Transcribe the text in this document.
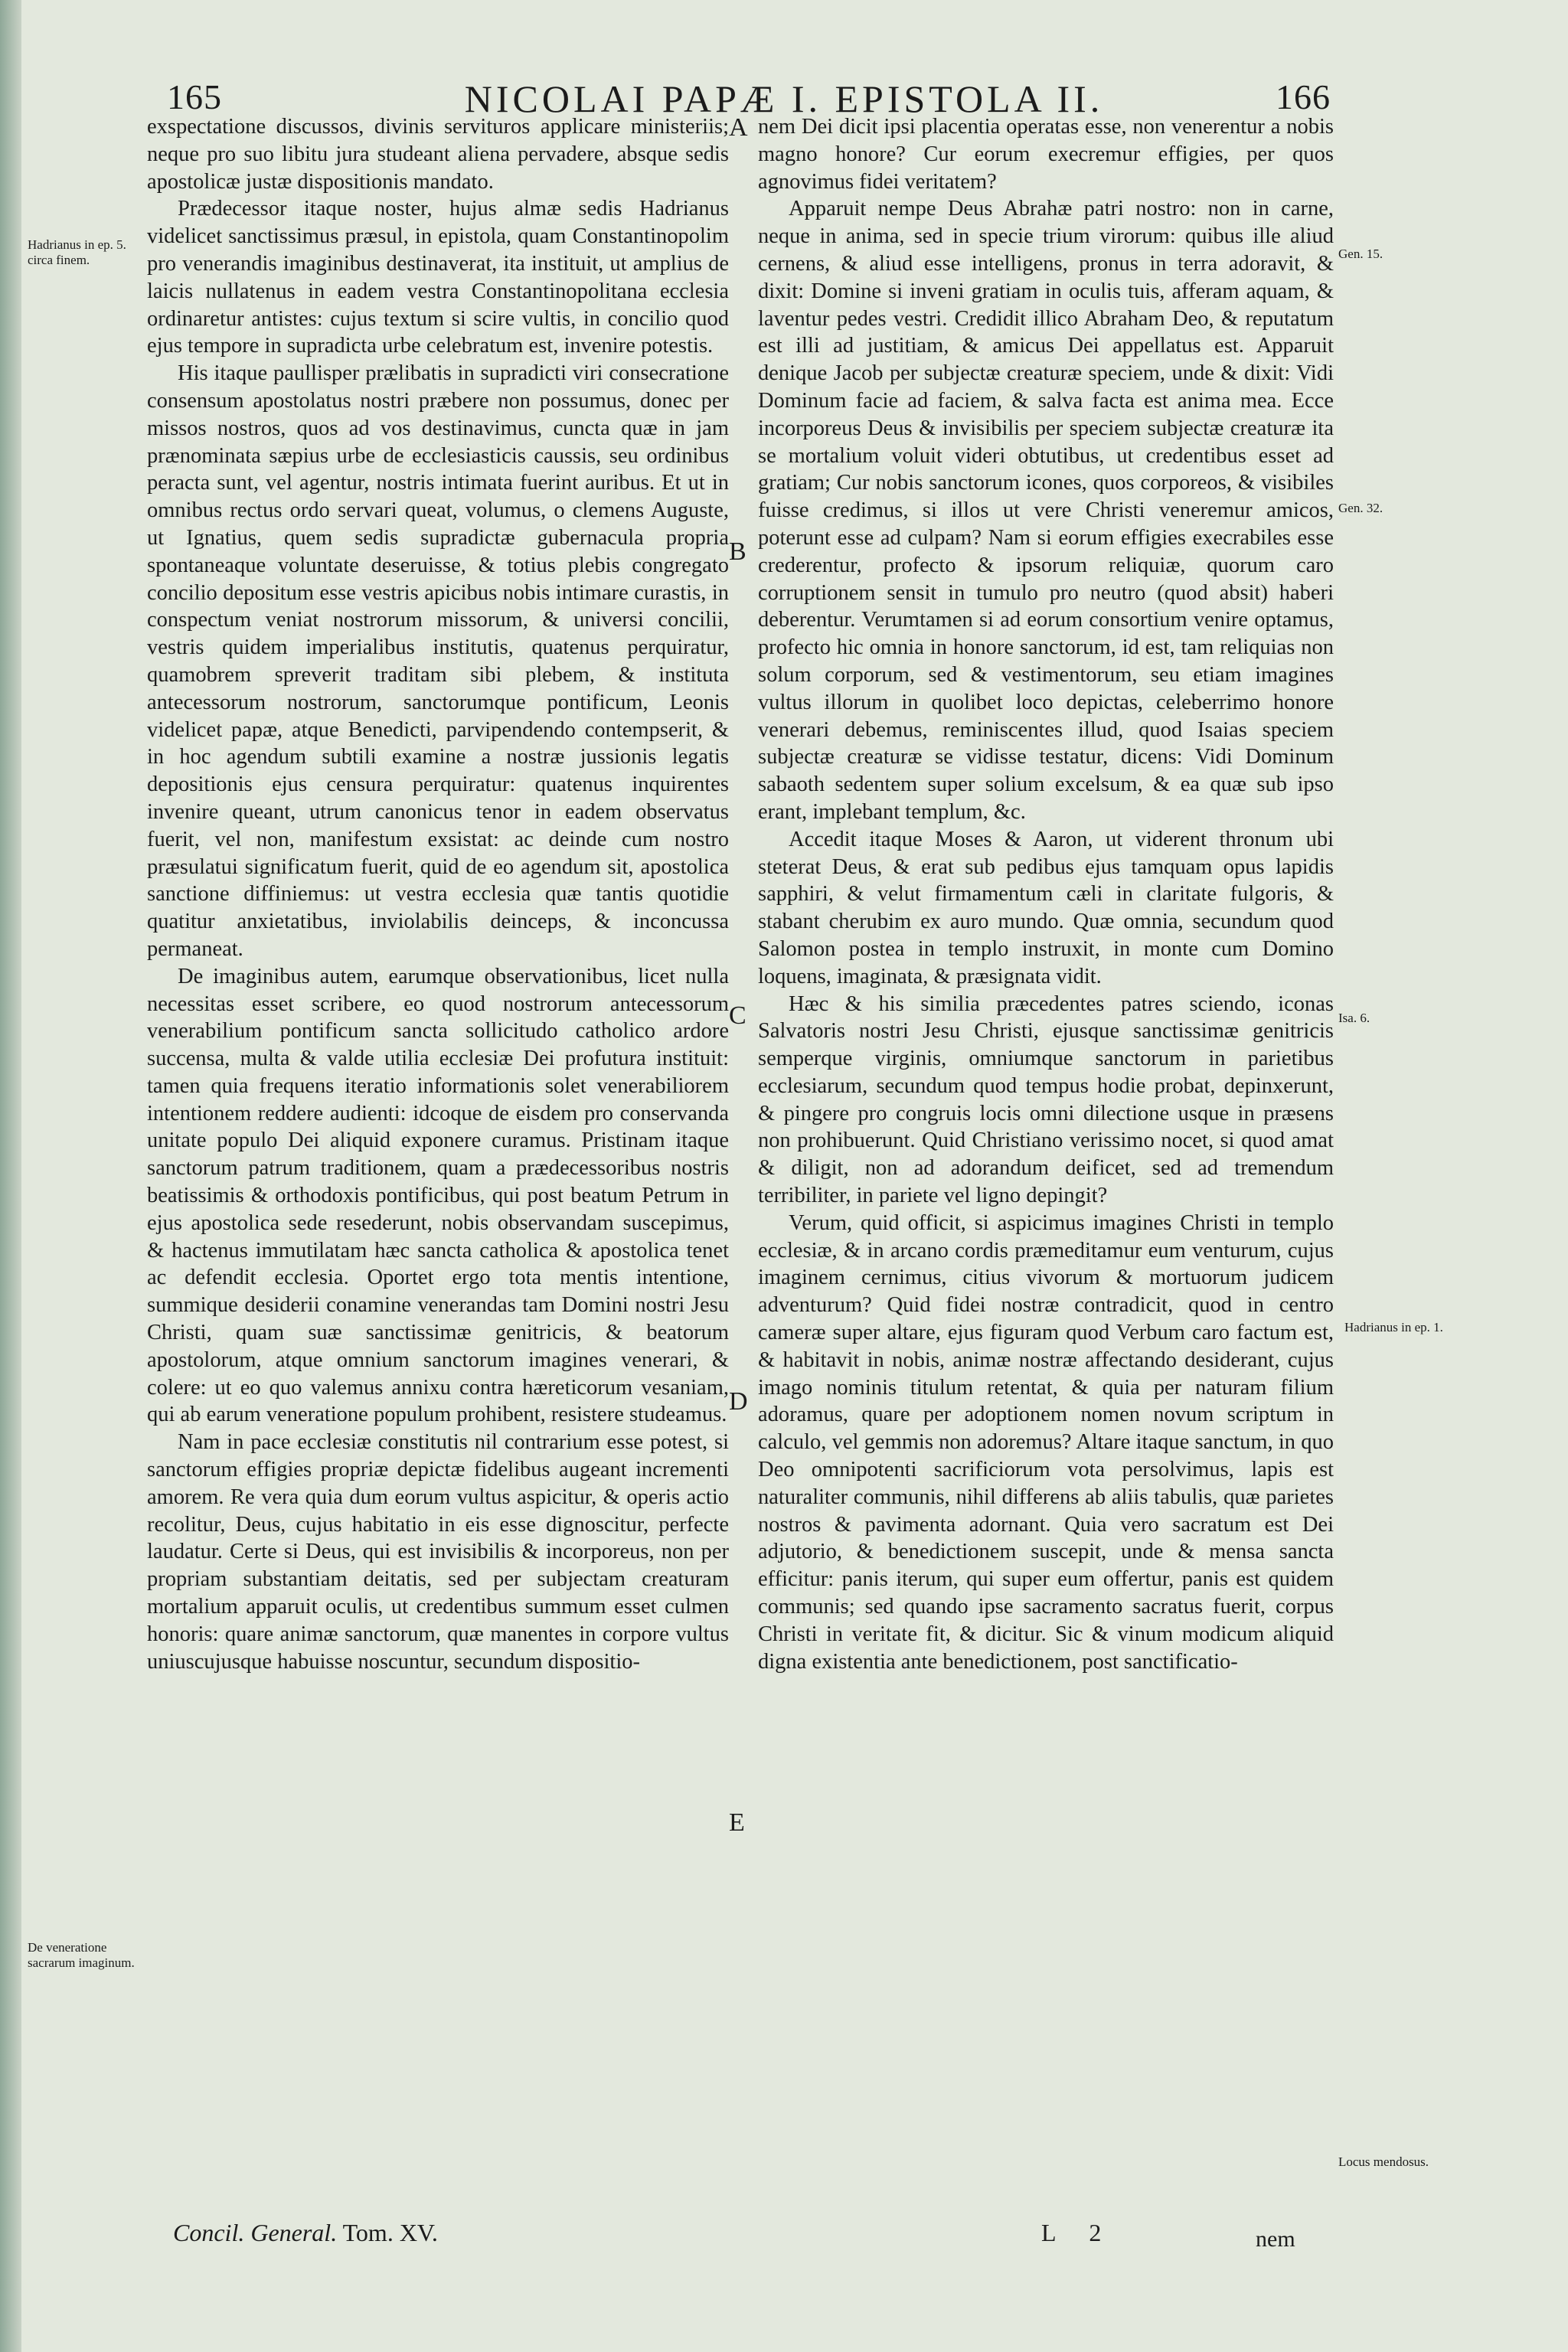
165	NICOLAI PAPÆ I. EPISTOLA II.	166

exspectatione discussos, divinis servituros applicare ministeriis; neque pro suo libitu jura studeant aliena pervadere, absque sedis apostolicæ justæ dispositionis mandato.

Prædecessor itaque noster, hujus almæ sedis Hadrianus videlicet sanctissimus præsul, in epistola, quam Constantinopolim pro venerandis imaginibus destinaverat, ita instituit, ut amplius de laicis nullatenus in eadem vestra Constantinopolitana ecclesia ordinaretur antistes: cujus textum si scire vultis, in concilio quod ejus tempore in supradicta urbe celebratum est, invenire potestis.

His itaque paullisper prælibatis in supradicti viri consecratione consensum apostolatus nostri præbere non possumus, donec per missos nostros, quos ad vos destinavimus, cuncta quæ in jam prænominata sæpius urbe de ecclesiasticis caussis, seu ordinibus peracta sunt, vel agentur, nostris intimata fuerint auribus. Et ut in omnibus rectus ordo servari queat, volumus, o clemens Auguste, ut Ignatius, quem sedis supradictæ gubernacula propria spontaneaque voluntate deseruisse, & totius plebis congregato concilio depositum esse vestris apicibus nobis intimare curastis, in conspectum veniat nostrorum missorum, & universi concilii, vestris quidem imperialibus institutis, quatenus perquiratur, quamobrem spreverit traditam sibi plebem, & instituta antecessorum nostrorum, sanctorumque pontificum, Leonis videlicet papæ, atque Benedicti, parvipendendo contempserit, & in hoc agendum subtili examine a nostræ jussionis legatis depositionis ejus censura perquiratur: quatenus inquirentes invenire queant, utrum canonicus tenor in eadem observatus fuerit, vel non, manifestum exsistat: ac deinde cum nostro præsulatui significatum fuerit, quid de eo agendum sit, apostolica sanctione diffiniemus: ut vestra ecclesia quæ tantis quotidie quatitur anxietatibus, inviolabilis deinceps, & inconcussa permaneat.

De imaginibus autem, earumque observationibus, licet nulla necessitas esset scribere, eo quod nostrorum antecessorum venerabilium pontificum sancta sollicitudo catholico ardore succensa, multa & valde utilia ecclesiæ Dei profutura instituit: tamen quia frequens iteratio informationis solet venerabiliorem intentionem reddere audienti: idcoque de eisdem pro conservanda unitate populo Dei aliquid exponere curamus. Pristinam itaque sanctorum patrum traditionem, quam a prædecessoribus nostris beatissimis & orthodoxis pontificibus, qui post beatum Petrum in ejus apostolica sede resederunt, nobis observandam suscepimus, & hactenus immutilatam hæc sancta catholica & apostolica tenet ac defendit ecclesia. Oportet ergo tota mentis intentione, summique desiderii conamine venerandas tam Domini nostri Jesu Christi, quam suæ sanctissimæ genitricis, & beatorum apostolorum, atque omnium sanctorum imagines venerari, & colere: ut eo quo valemus annixu contra hæreticorum vesaniam, qui ab earum veneratione populum prohibent, resistere studeamus.

Nam in pace ecclesiæ constitutis nil contrarium esse potest, si sanctorum effigies propriæ depictæ fidelibus augeant incrementi amorem. Re vera quia dum eorum vultus aspicitur, & operis actio recolitur, Deus, cujus habitatio in eis esse dignoscitur, perfecte laudatur. Certe si Deus, qui est invisibilis & incorporeus, non per propriam substantiam deitatis, sed per subjectam creaturam mortalium apparuit oculis, ut credentibus summum esset culmen honoris: quare animæ sanctorum, quæ manentes in corpore vultus uniuscujusque habuisse noscuntur, secundum dispositio-

nem Dei dicit ipsi placentia operatas esse, non venerentur a nobis magno honore? Cur eorum execremur effigies, per quos agnovimus fidei veritatem?

Apparuit nempe Deus Abrahæ patri nostro: non in carne, neque in anima, sed in specie trium virorum: quibus ille aliud cernens, & aliud esse intelligens, pronus in terra adoravit, & dixit: Domine si inveni gratiam in oculis tuis, afferam aquam, & laventur pedes vestri. Credidit illico Abraham Deo, & reputatum est illi ad justitiam, & amicus Dei appellatus est. Apparuit denique Jacob per subjectæ creaturæ speciem, unde & dixit: Vidi Dominum facie ad faciem, & salva facta est anima mea. Ecce incorporeus Deus & invisibilis per speciem subjectæ creaturæ ita se mortalium voluit videri obtutibus, ut credentibus esset ad gratiam; Cur nobis sanctorum icones, quos corporeos, & visibiles fuisse credimus, si illos ut vere Christi veneremur amicos, poterunt esse ad culpam? Nam si eorum effigies execrabiles esse crederentur, profecto & ipsorum reliquiæ, quorum caro corruptionem sensit in tumulo pro neutro (quod absit) haberi deberentur. Verumtamen si ad eorum consortium venire optamus, profecto hic omnia in honore sanctorum, id est, tam reliquias non solum corporum, sed & vestimentorum, seu etiam imagines vultus illorum in quolibet loco depictas, celeberrimo honore venerari debemus, reminiscentes illud, quod Isaias speciem subjectæ creaturæ se vidisse testatur, dicens: Vidi Dominum sabaoth sedentem super solium excelsum, & ea quæ sub ipso erant, implebant templum, &c.

Accedit itaque Moses & Aaron, ut viderent thronum ubi steterat Deus, & erat sub pedibus ejus tamquam opus lapidis sapphiri, & velut firmamentum cæli in claritate fulgoris, & stabant cherubim ex auro mundo. Quæ omnia, secundum quod Salomon postea in templo instruxit, in monte cum Domino loquens, imaginata, & præsignata vidit.

Hæc & his similia præcedentes patres sciendo, iconas Salvatoris nostri Jesu Christi, ejusque sanctissimæ genitricis semperque virginis, omniumque sanctorum in parietibus ecclesiarum, secundum quod tempus hodie probat, depinxerunt, & pingere pro congruis locis omni dilectione usque in præsens non prohibuerunt. Quid Christiano verissimo nocet, si quod amat & diligit, non ad adorandum deificet, sed ad tremendum terribiliter, in pariete vel ligno depingit?

Verum, quid officit, si aspicimus imagines Christi in templo ecclesiæ, & in arcano cordis præmeditamur eum venturum, cujus imaginem cernimus, citius vivorum & mortuorum judicem adventurum? Quid fidei nostræ contradicit, quod in centro cameræ super altare, ejus figuram quod Verbum caro factum est, & habitavit in nobis, animæ nostræ affectando desiderant, cujus imago nominis titulum retentat, & quia per naturam filium adoramus, quare per adoptionem nomen novum scriptum in calculo, vel gemmis non adoremus? Altare itaque sanctum, in quo Deo omnipotenti sacrificiorum vota persolvimus, lapis est naturaliter communis, nihil differens ab aliis tabulis, quæ parietes nostros & pavimenta adornant. Quia vero sacratum est Dei adjutorio, & benedictionem suscepit, unde & mensa sancta efficitur: panis iterum, qui super eum offertur, panis est quidem communis; sed quando ipse sacramento sacratus fuerit, corpus Christi in veritate fit, & dicitur. Sic & vinum modicum aliquid digna existentia ante benedictionem, post sanctificatio-

Hadrianus in ep. 5. circa finem.
De veneratione sacrarum imaginum.
Gen. 15.
Gen. 32.
Isa. 6.
Hadrianus in ep. 1.
Locus mendosus.
A
B
C
D
E
Concil. General. Tom. XV.	L 2	nem
